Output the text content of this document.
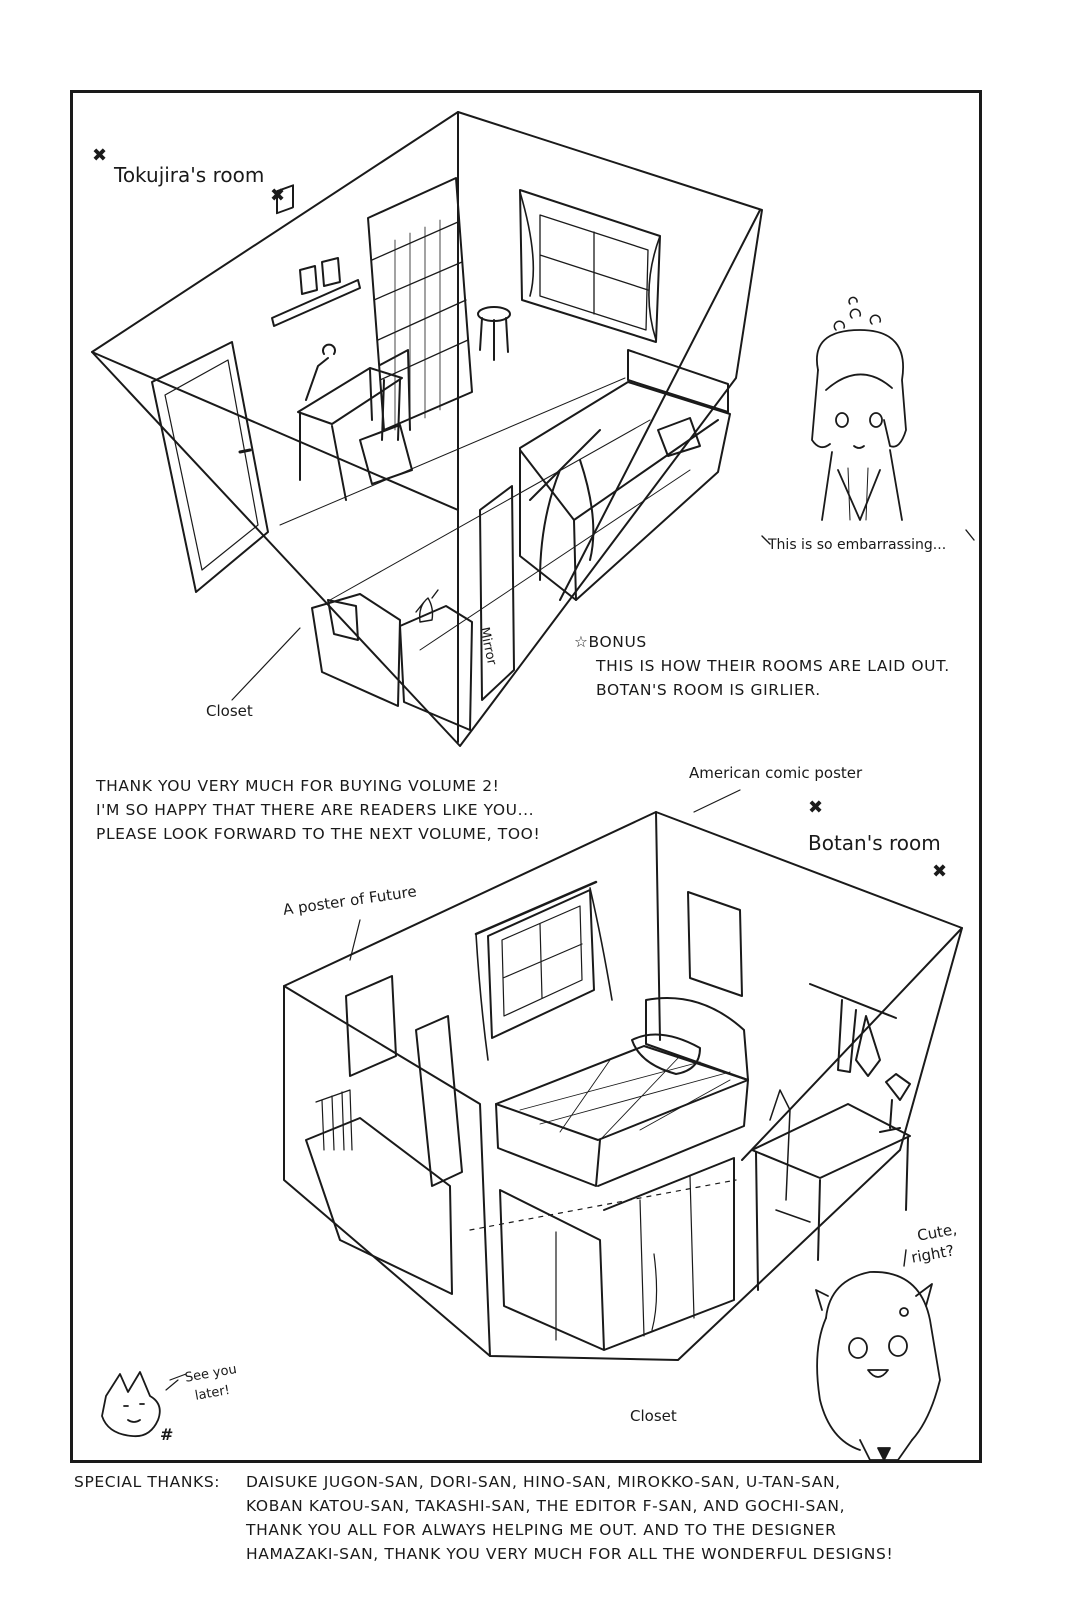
✖
Tokujira's room
✖
Mirror
Closet
This is so embarrassing...
☆BONUS
THIS IS HOW THEIR ROOMS ARE LAID OUT.
BOTAN'S ROOM IS GIRLIER.
THANK YOU VERY MUCH FOR BUYING VOLUME 2!
I'M SO HAPPY THAT THERE ARE READERS LIKE YOU...
PLEASE LOOK FORWARD TO THE NEXT VOLUME, TOO!
American comic poster
✖
Botan's room
✖
A poster of Future
Cute,
right?
See you
later!
#
Closet
SPECIAL THANKS: DAISUKE JUGON-SAN, DORI-SAN, HINO-SAN, MIROKKO-SAN, U-TAN-SAN,
KOBAN KATOU-SAN, TAKASHI-SAN, THE EDITOR F-SAN, AND GOCHI-SAN,
THANK YOU ALL FOR ALWAYS HELPING ME OUT. AND TO THE DESIGNER
HAMAZAKI-SAN, THANK YOU VERY MUCH FOR ALL THE WONDERFUL DESIGNS!
